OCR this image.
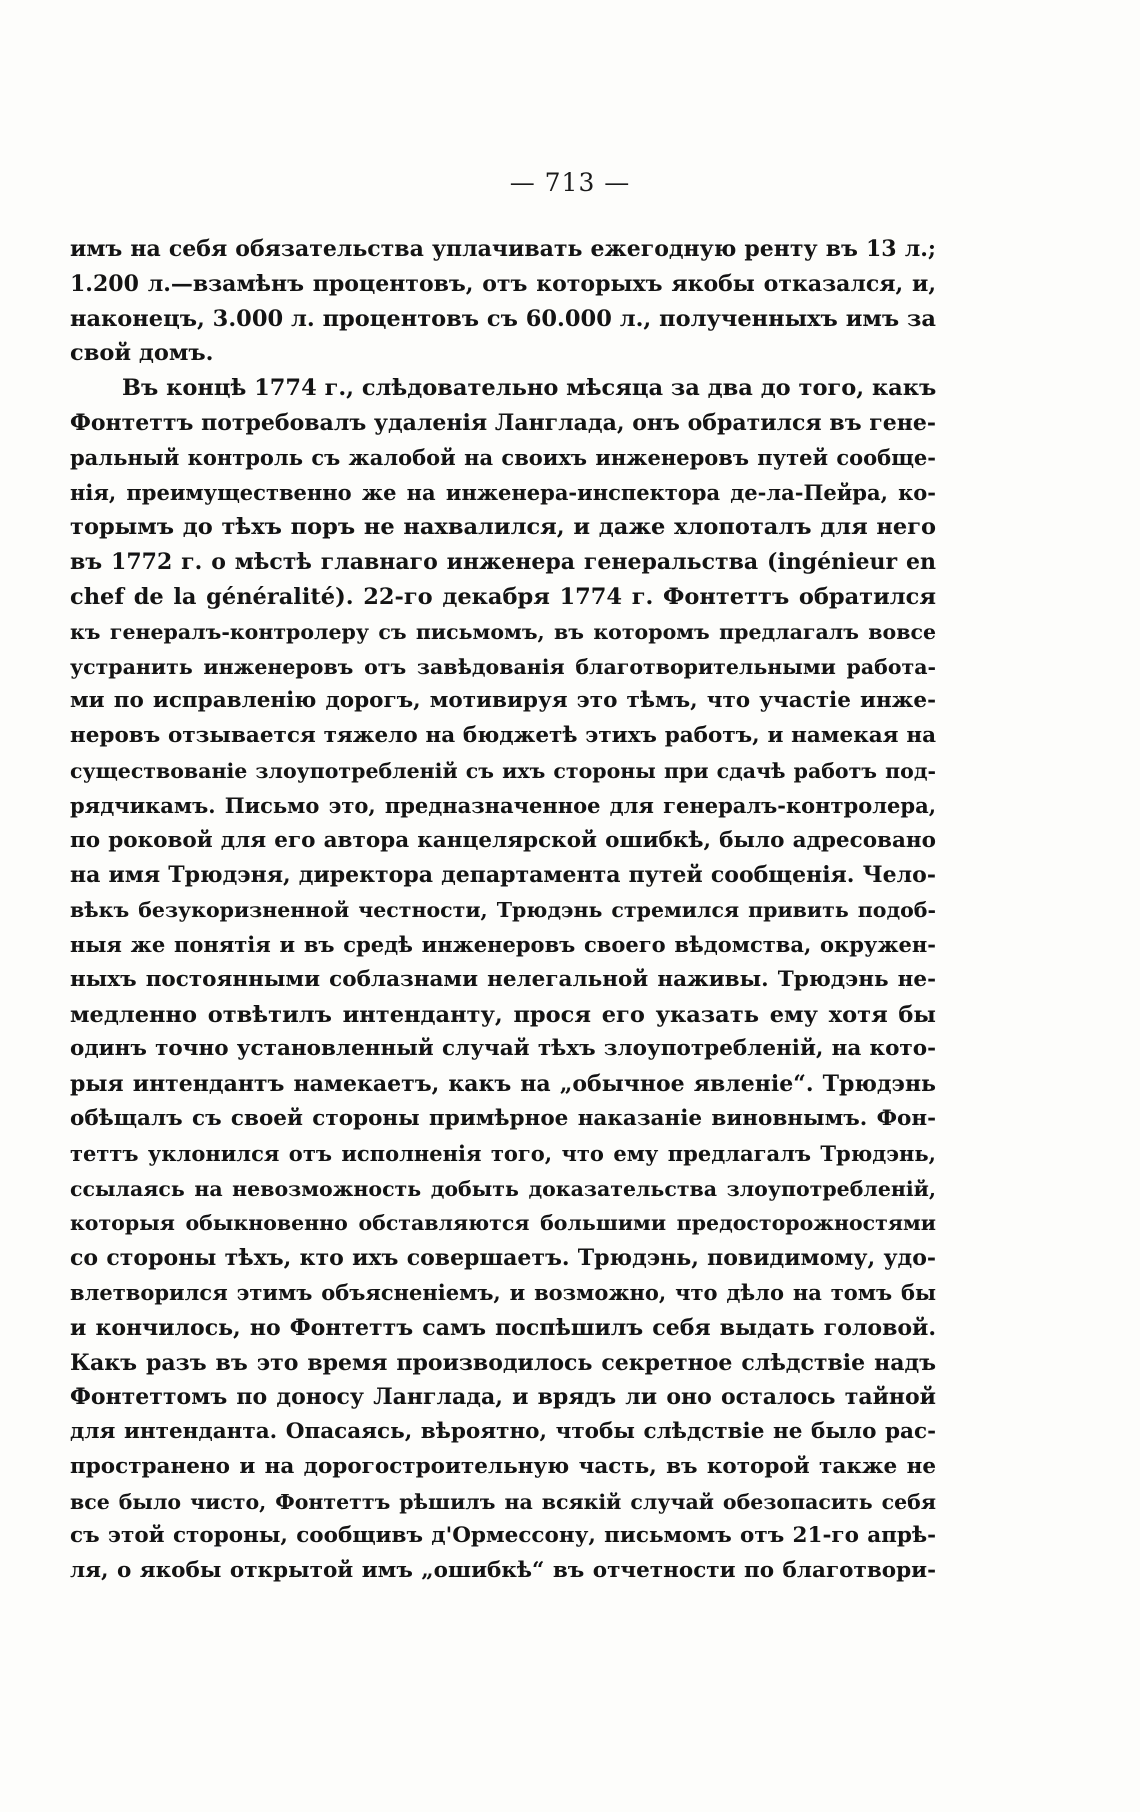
— 713 —
имъ на себя обязательства уплачивать ежегодную ренту въ 13 л.;
1.200 л.—взамѣнъ процентовъ, отъ которыхъ якобы отказался, и,
наконецъ, 3.000 л. процентовъ съ 60.000 л., полученныхъ имъ за
свой домъ.
Въ концѣ 1774 г., слѣдовательно мѣсяца за два до того, какъ
Фонтеттъ потребовалъ удаленія Ланглада, онъ обратился въ гене-
ральный контроль съ жалобой на своихъ инженеровъ путей сообще-
нія, преимущественно же на инженера-инспектора де-ла-Пейра, ко-
торымъ до тѣхъ поръ не нахвалился, и даже хлопоталъ для него
въ 1772 г. о мѣстѣ главнаго инженера генеральства (ingénieur en
chef de la généralité). 22-го декабря 1774 г. Фонтеттъ обратился
къ генералъ-контролеру съ письмомъ, въ которомъ предлагалъ вовсе
устранить инженеровъ отъ завѣдованія благотворительными работа-
ми по исправленію дорогъ, мотивируя это тѣмъ, что участіе инже-
неровъ отзывается тяжело на бюджетѣ этихъ работъ, и намекая на
существованіе злоупотребленій съ ихъ стороны при сдачѣ работъ под-
рядчикамъ. Письмо это, предназначенное для генералъ-контролера,
по роковой для его автора канцелярской ошибкѣ, было адресовано
на имя Трюдэня, директора департамента путей сообщенія. Чело-
вѣкъ безукоризненной честности, Трюдэнь стремился привить подоб-
ныя же понятія и въ средѣ инженеровъ своего вѣдомства, окружен-
ныхъ постоянными соблазнами нелегальной наживы. Трюдэнь не-
медленно отвѣтилъ интенданту, прося его указать ему хотя бы
одинъ точно установленный случай тѣхъ злоупотребленій, на кото-
рыя интендантъ намекаетъ, какъ на „обычное явленіе“. Трюдэнь
обѣщалъ съ своей стороны примѣрное наказаніе виновнымъ. Фон-
теттъ уклонился отъ исполненія того, что ему предлагалъ Трюдэнь,
ссылаясь на невозможность добыть доказательства злоупотребленій,
которыя обыкновенно обставляются большими предосторожностями
со стороны тѣхъ, кто ихъ совершаетъ. Трюдэнь, повидимому, удо-
влетворился этимъ объясненіемъ, и возможно, что дѣло на томъ бы
и кончилось, но Фонтеттъ самъ поспѣшилъ себя выдать головой.
Какъ разъ въ это время производилось секретное слѣдствіе надъ
Фонтеттомъ по доносу Ланглада, и врядъ ли оно осталось тайной
для интенданта. Опасаясь, вѣроятно, чтобы слѣдствіе не было рас-
пространено и на дорогостроительную часть, въ которой также не
все было чисто, Фонтеттъ рѣшилъ на всякій случай обезопасить себя
съ этой стороны, сообщивъ д'Ормессону, письмомъ отъ 21-го апрѣ-
ля, о якобы открытой имъ „ошибкѣ“ въ отчетности по благотвори-
